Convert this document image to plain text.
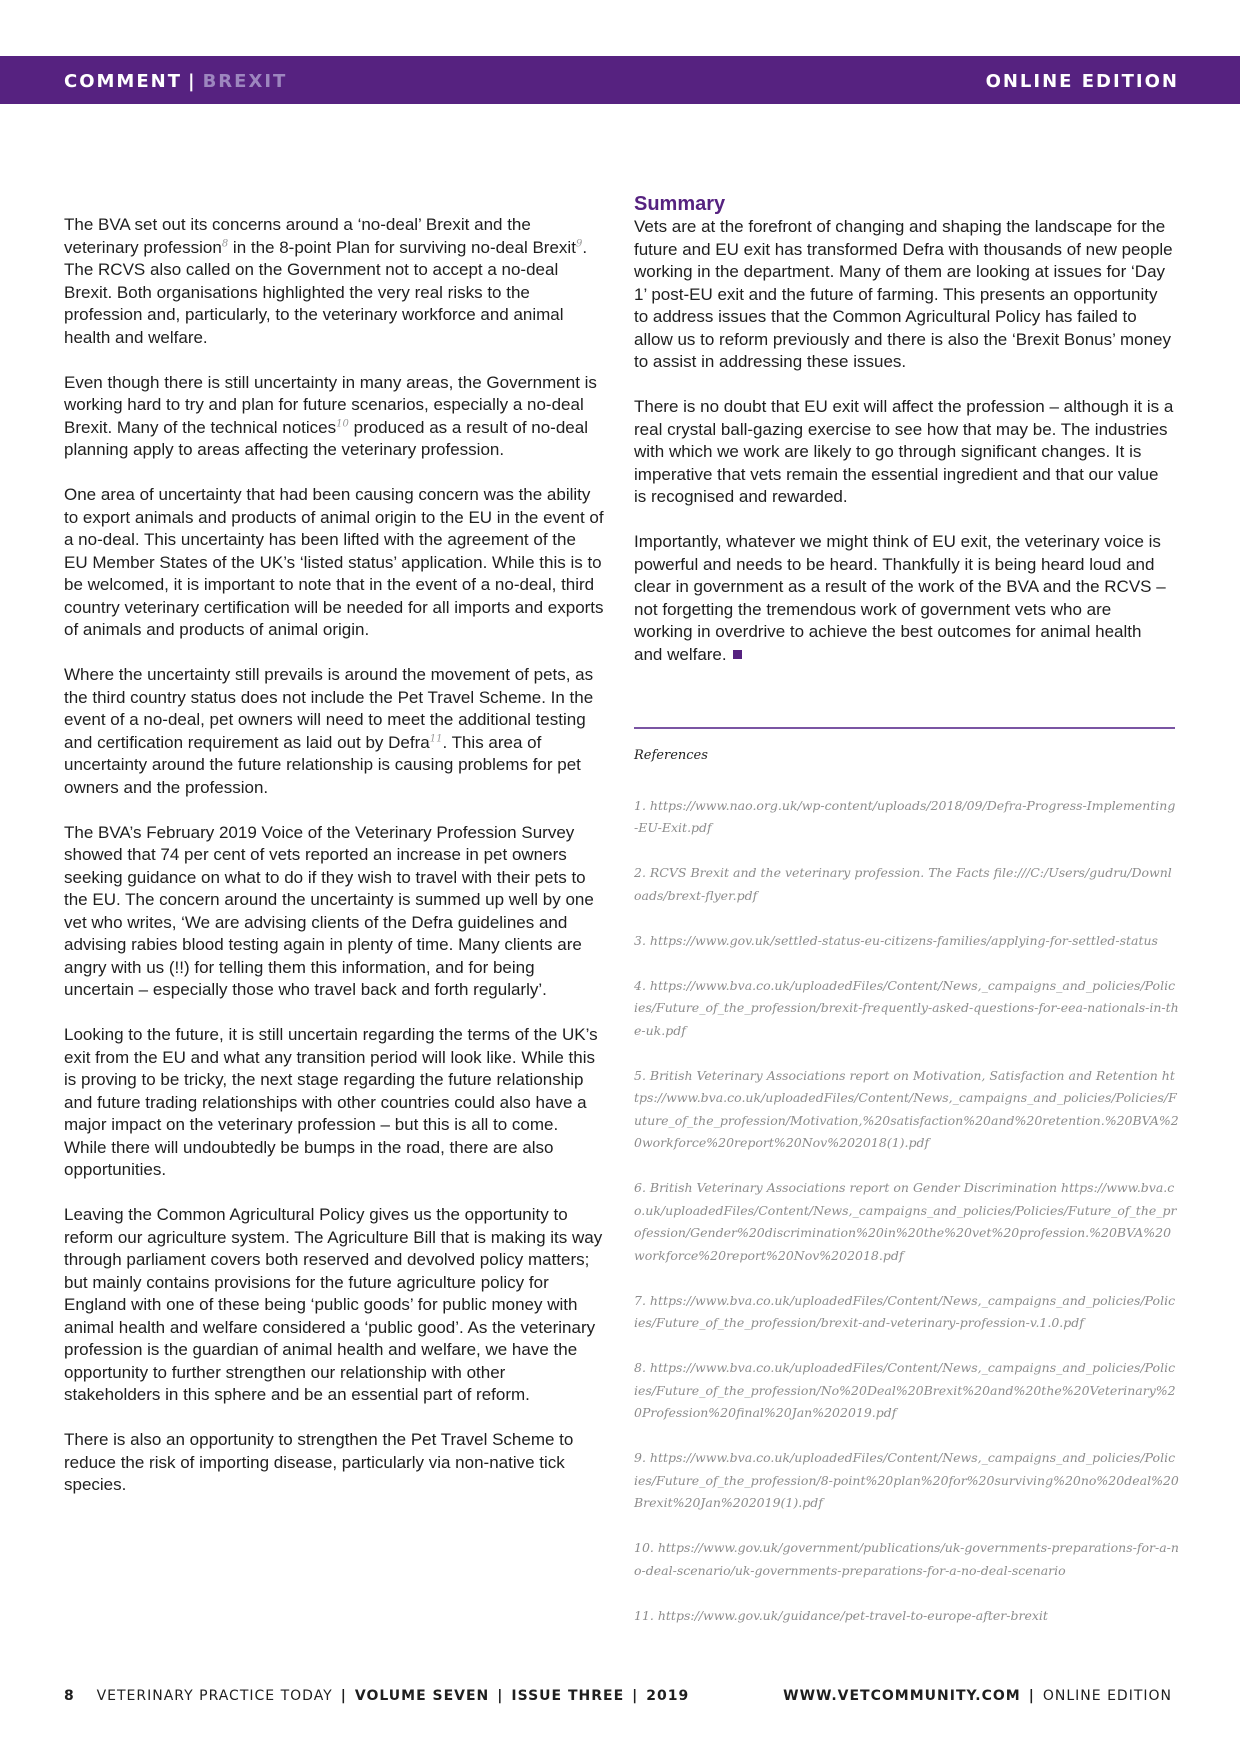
COMMENT | BREXIT	ONLINE EDITION

The BVA set out its concerns around a ‘no-deal’ Brexit and the veterinary profession$^8$ in the 8-point Plan for surviving no-deal Brexit$^9$. The RCVS also called on the Government not to accept a no-deal Brexit. Both organisations highlighted the very real risks to the profession and, particularly, to the veterinary workforce and animal health and welfare.

Even though there is still uncertainty in many areas, the Government is working hard to try and plan for future scenarios, especially a no-deal Brexit. Many of the technical notices$^{10}$ produced as a result of no-deal planning apply to areas affecting the veterinary profession.

One area of uncertainty that had been causing concern was the ability to export animals and products of animal origin to the EU in the event of a no-deal. This uncertainty has been lifted with the agreement of the EU Member States of the UK’s ‘listed status’ application. While this is to be welcomed, it is important to note that in the event of a no-deal, third country veterinary certification will be needed for all imports and exports of animals and products of animal origin.

Where the uncertainty still prevails is around the movement of pets, as the third country status does not include the Pet Travel Scheme. In the event of a no-deal, pet owners will need to meet the additional testing and certification requirement as laid out by Defra$^{11}$. This area of uncertainty around the future relationship is causing problems for pet owners and the profession.

The BVA’s February 2019 Voice of the Veterinary Profession Survey showed that 74 per cent of vets reported an increase in pet owners seeking guidance on what to do if they wish to travel with their pets to the EU. The concern around the uncertainty is summed up well by one vet who writes, ‘We are advising clients of the Defra guidelines and advising rabies blood testing again in plenty of time. Many clients are angry with us (!!) for telling them this information, and for being uncertain – especially those who travel back and forth regularly’.

Looking to the future, it is still uncertain regarding the terms of the UK’s exit from the EU and what any transition period will look like. While this is proving to be tricky, the next stage regarding the future relationship and future trading relationships with other countries could also have a major impact on the veterinary profession – but this is all to come. While there will undoubtedly be bumps in the road, there are also opportunities.

Leaving the Common Agricultural Policy gives us the opportunity to reform our agriculture system. The Agriculture Bill that is making its way through parliament covers both reserved and devolved policy matters; but mainly contains provisions for the future agriculture policy for England with one of these being ‘public goods’ for public money with animal health and welfare considered a ‘public good’. As the veterinary profession is the guardian of animal health and welfare, we have the opportunity to further strengthen our relationship with other stakeholders in this sphere and be an essential part of reform.

There is also an opportunity to strengthen the Pet Travel Scheme to reduce the risk of importing disease, particularly via non-native tick species.

Summary

Vets are at the forefront of changing and shaping the landscape for the future and EU exit has transformed Defra with thousands of new people working in the department. Many of them are looking at issues for ‘Day 1’ post-EU exit and the future of farming. This presents an opportunity to address issues that the Common Agricultural Policy has failed to allow us to reform previously and there is also the ‘Brexit Bonus’ money to assist in addressing these issues.

There is no doubt that EU exit will affect the profession – although it is a real crystal ball-gazing exercise to see how that may be. The industries with which we work are likely to go through significant changes. It is imperative that vets remain the essential ingredient and that our value is recognised and rewarded.

Importantly, whatever we might think of EU exit, the veterinary voice is powerful and needs to be heard. Thankfully it is being heard loud and clear in government as a result of the work of the BVA and the RCVS – not forgetting the tremendous work of government vets who are working in overdrive to achieve the best outcomes for animal health and welfare.

References
1. https://www.nao.org.uk/wp-content/uploads/2018/09/Defra-Progress-Implementing-EU-Exit.pdf
2. RCVS Brexit and the veterinary profession. The Facts file:///C:/Users/gudru/Downloads/brext-flyer.pdf
3. https://www.gov.uk/settled-status-eu-citizens-families/applying-for-settled-status
4. https://www.bva.co.uk/uploadedFiles/Content/News,_campaigns_and_policies/Policies/Future_of_the_profession/brexit-frequently-asked-questions-for-eea-nationals-in-the-uk.pdf
5. British Veterinary Associations report on Motivation, Satisfaction and Retention https://www.bva.co.uk/uploadedFiles/Content/News,_campaigns_and_policies/Policies/Future_of_the_profession/Motivation,%20satisfaction%20and%20retention.%20BVA%20workforce%20report%20Nov%202018(1).pdf
6. British Veterinary Associations report on Gender Discrimination https://www.bva.co.uk/uploadedFiles/Content/News,_campaigns_and_policies/Policies/Future_of_the_profession/Gender%20discrimination%20in%20the%20vet%20profession.%20BVA%20workforce%20report%20Nov%202018.pdf
7. https://www.bva.co.uk/uploadedFiles/Content/News,_campaigns_and_policies/Policies/Future_of_the_profession/brexit-and-veterinary-profession-v.1.0.pdf
8. https://www.bva.co.uk/uploadedFiles/Content/News,_campaigns_and_policies/Policies/Future_of_the_profession/No%20Deal%20Brexit%20and%20the%20Veterinary%20Profession%20final%20Jan%202019.pdf
9. https://www.bva.co.uk/uploadedFiles/Content/News,_campaigns_and_policies/Policies/Future_of_the_profession/8-point%20plan%20for%20surviving%20no%20deal%20Brexit%20Jan%202019(1).pdf
10. https://www.gov.uk/government/publications/uk-governments-preparations-for-a-no-deal-scenario/uk-governments-preparations-for-a-no-deal-scenario
11. https://www.gov.uk/guidance/pet-travel-to-europe-after-brexit
8 VETERINARY PRACTICE TODAY | VOLUME SEVEN | ISSUE THREE | 2019	WWW.VETCOMMUNITY.COM | ONLINE EDITION
